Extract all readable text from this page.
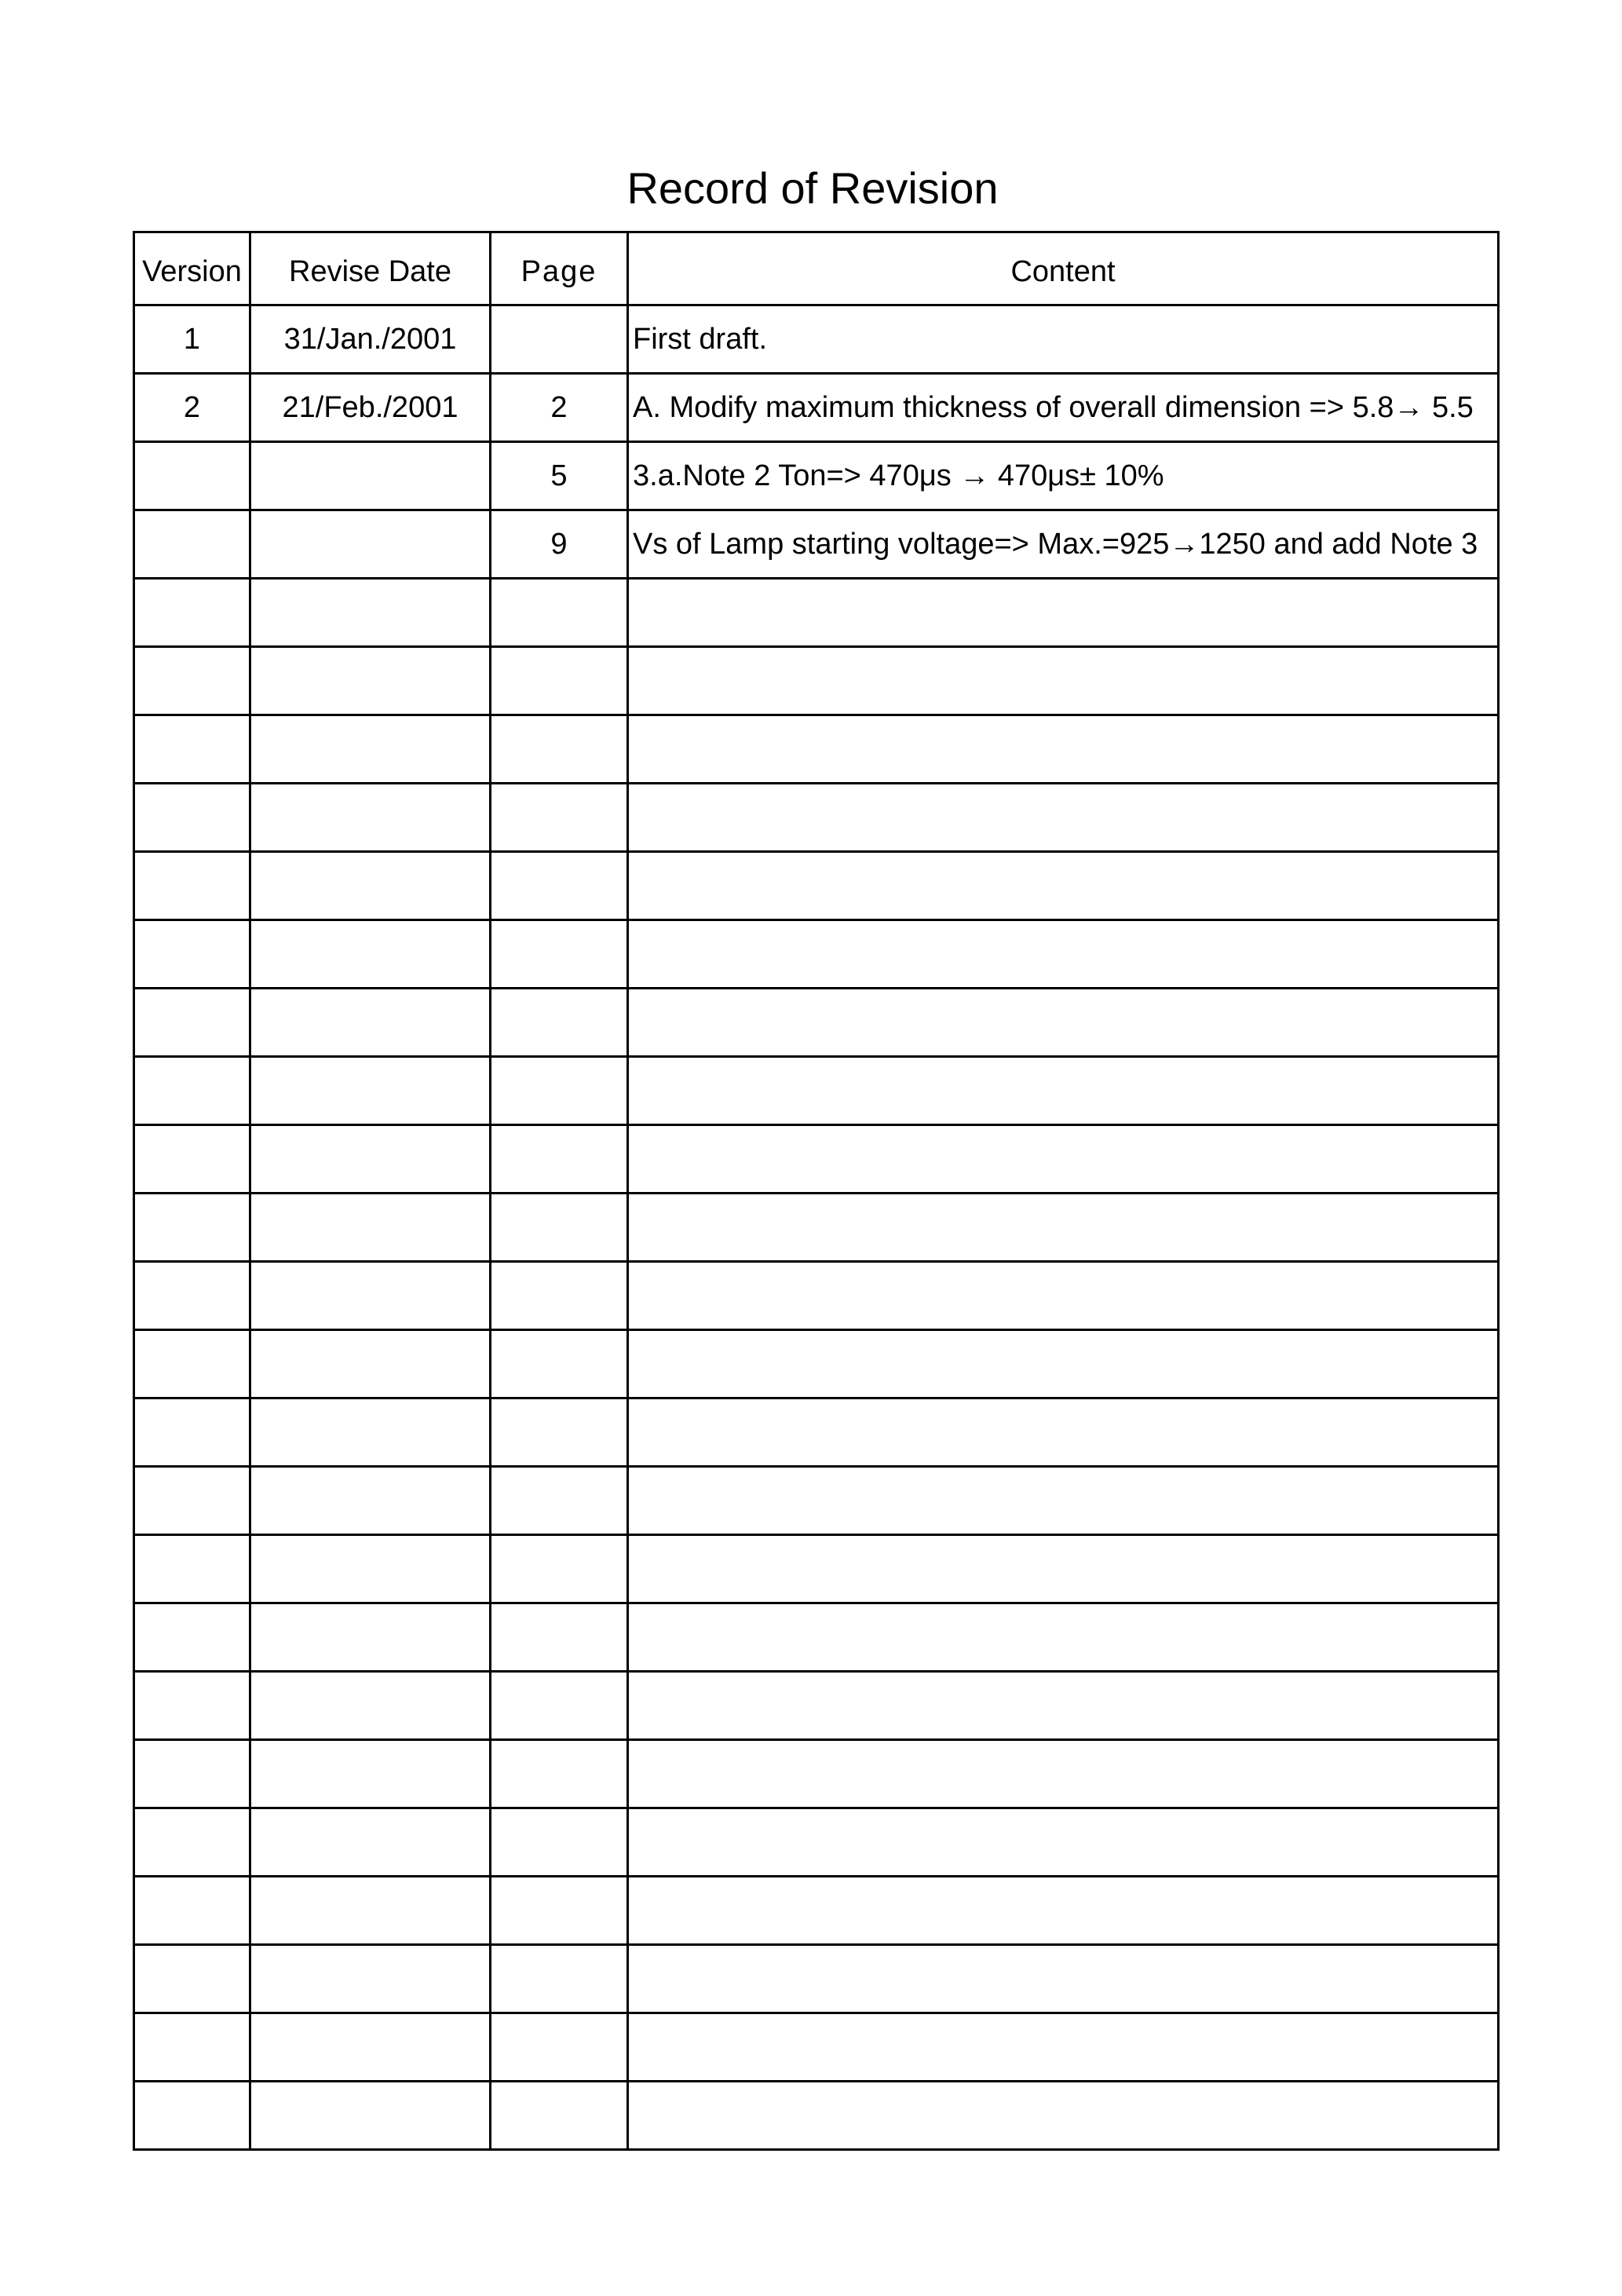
Record of Revision
Version	Revise Date	Page	Content
1	31/Jan./2001		First draft.
2	21/Feb./2001	2	A. Modify maximum thickness of overall dimension => 5.8→ 5.5
		5	3.a.Note 2 Ton=> 470μs → 470μs± 10%
		9	Vs of Lamp starting voltage=> Max.=925→1250 and add Note 3
